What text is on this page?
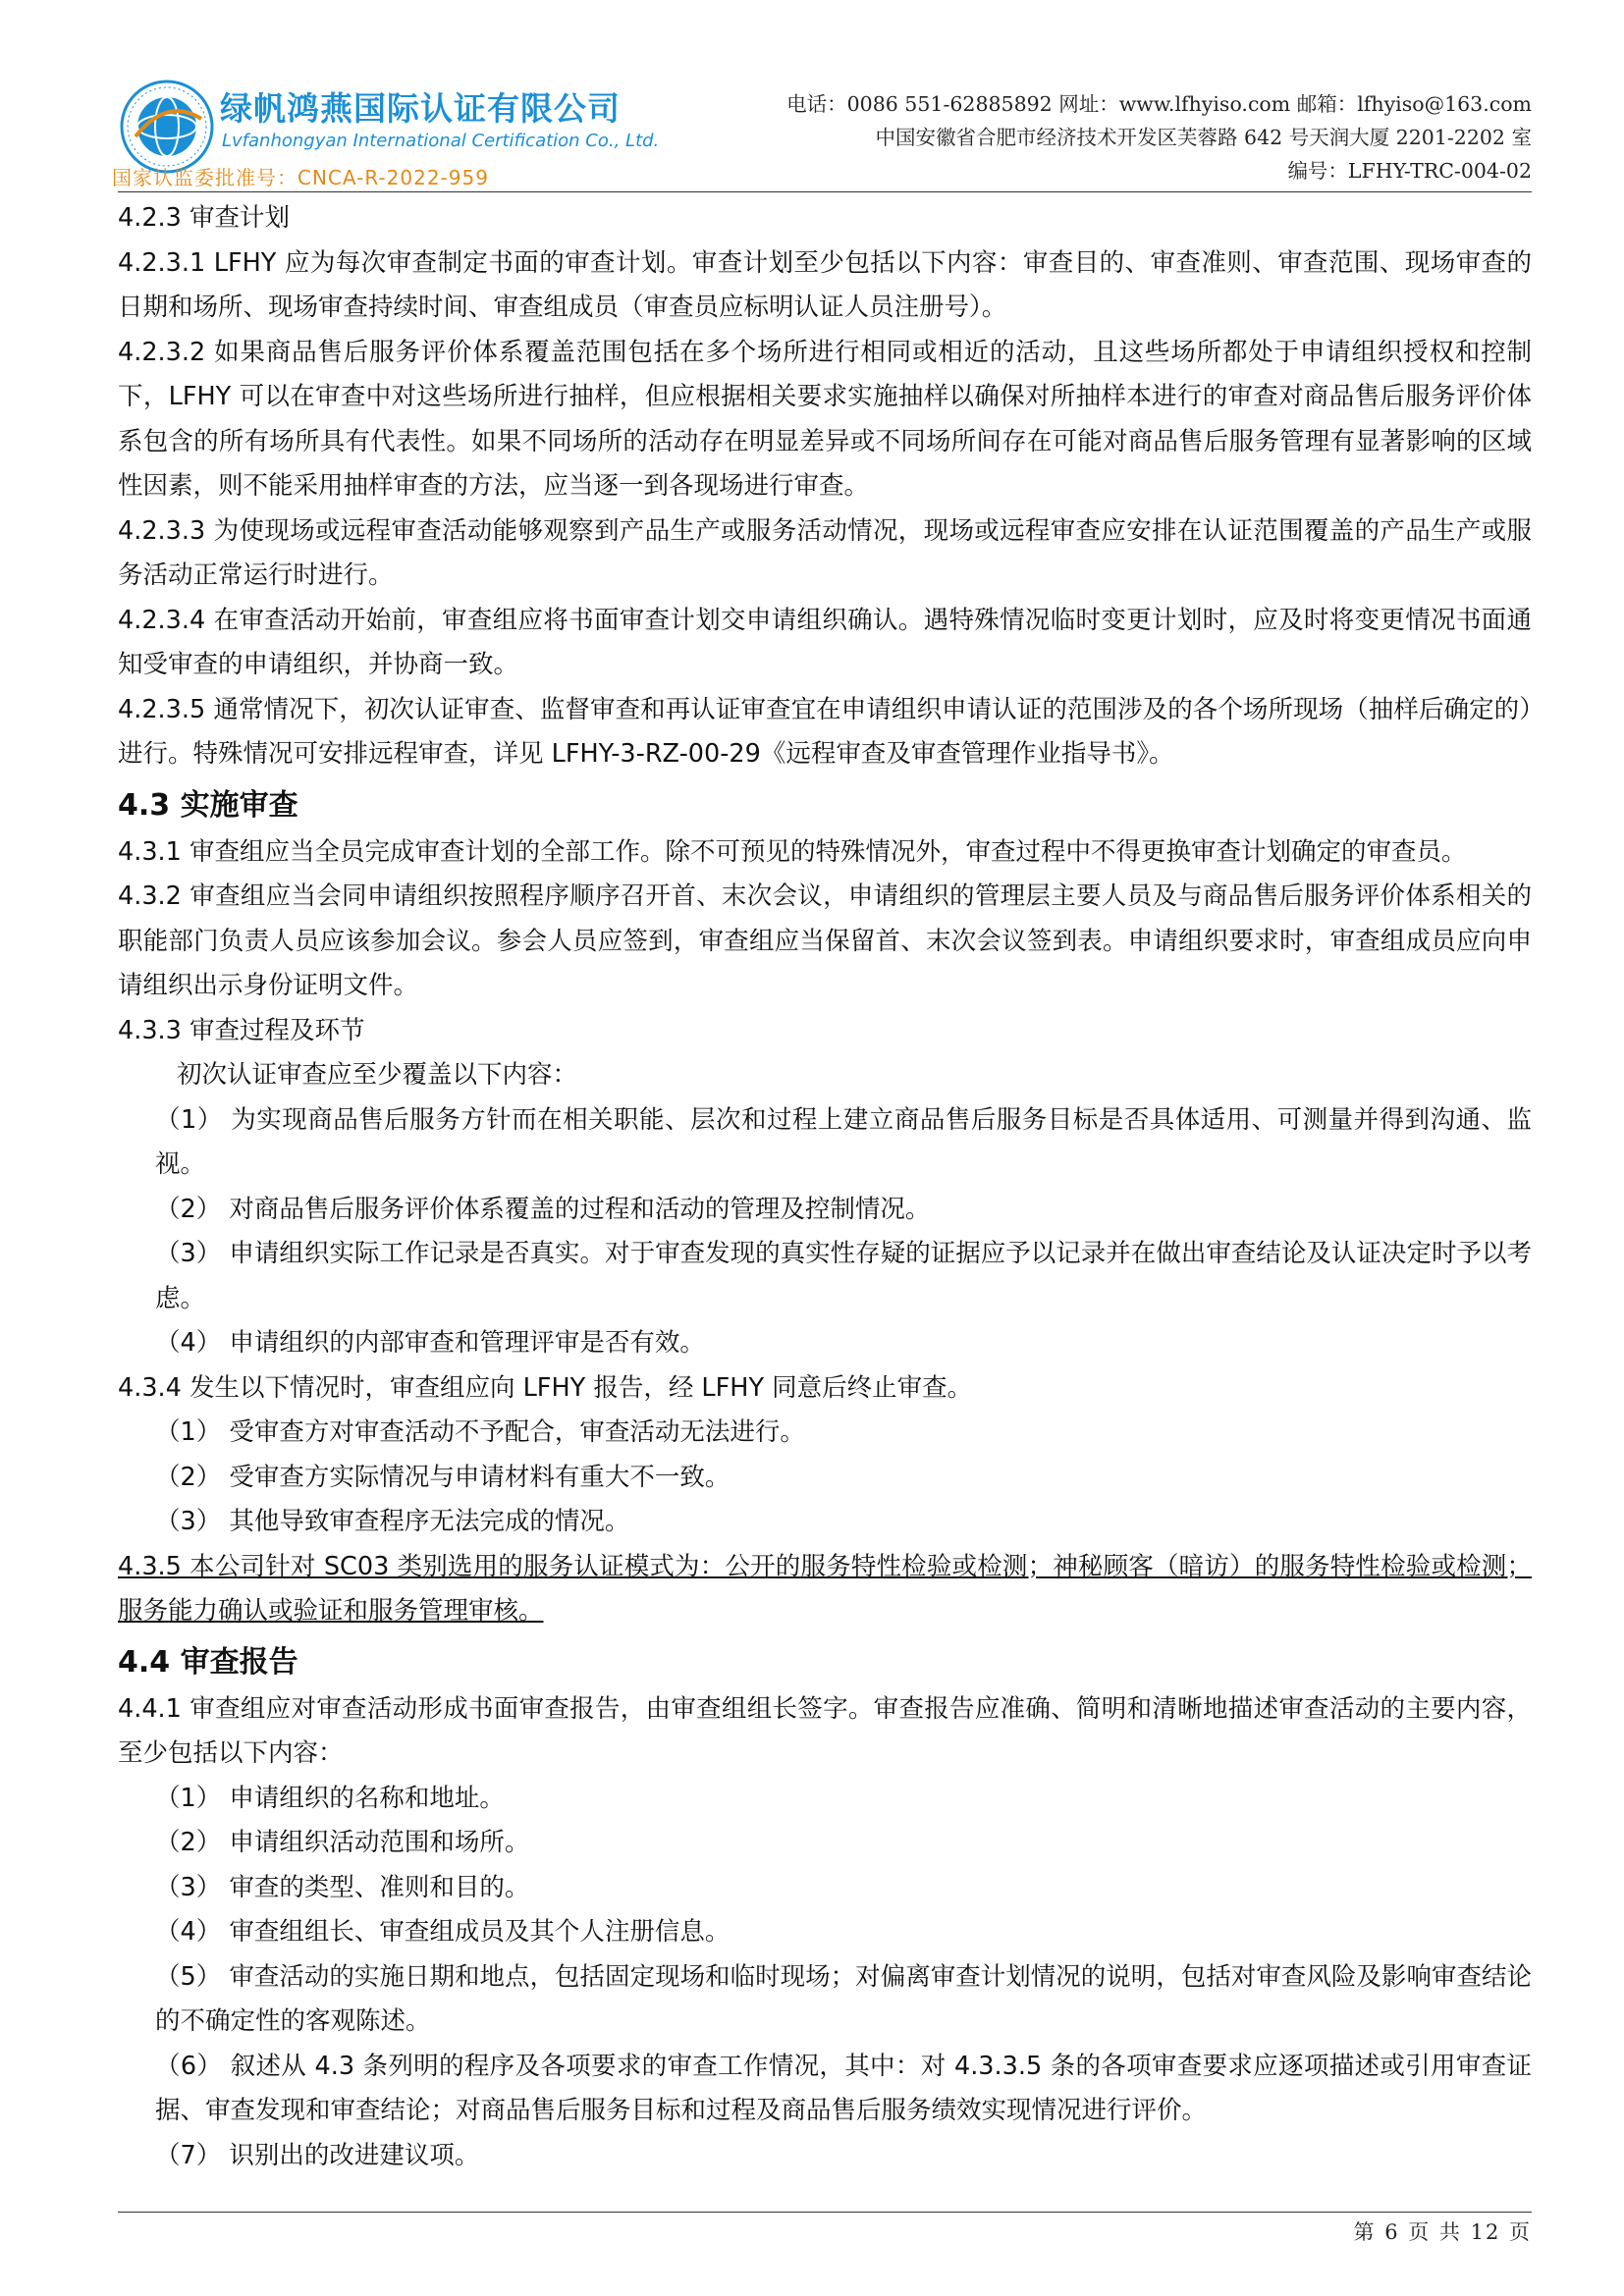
绿帆鸿燕国际认证有限公司
Lvfanhongyan International Certification Co., Ltd.
国家认监委批准号：CNCA-R-2022-959
电话：0086 551-62885892 网址：www.lfhyiso.com 邮箱：lfhyiso@163.com
中国安徽省合肥市经济技术开发区芙蓉路 642 号天润大厦 2201-2202 室
编号：LFHY-TRC-004-02

4.2.3 审查计划

4.2.3.1 LFHY 应为每次审查制定书面的审查计划。审查计划至少包括以下内容：审查目的、审查准则、审查范围、现场审查的日期和场所、现场审查持续时间、审查组成员（审查员应标明认证人员注册号）。

4.2.3.2 如果商品售后服务评价体系覆盖范围包括在多个场所进行相同或相近的活动，且这些场所都处于申请组织授权和控制下，LFHY 可以在审查中对这些场所进行抽样，但应根据相关要求实施抽样以确保对所抽样本进行的审查对商品售后服务评价体系包含的所有场所具有代表性。如果不同场所的活动存在明显差异或不同场所间存在可能对商品售后服务管理有显著影响的区域性因素，则不能采用抽样审查的方法，应当逐一到各现场进行审查。

4.2.3.3 为使现场或远程审查活动能够观察到产品生产或服务活动情况，现场或远程审查应安排在认证范围覆盖的产品生产或服务活动正常运行时进行。

4.2.3.4 在审查活动开始前，审查组应将书面审查计划交申请组织确认。遇特殊情况临时变更计划时，应及时将变更情况书面通知受审查的申请组织，并协商一致。

4.2.3.5 通常情况下，初次认证审查、监督审查和再认证审查宜在申请组织申请认证的范围涉及的各个场所现场（抽样后确定的）进行。特殊情况可安排远程审查，详见 LFHY-3-RZ-00-29《远程审查及审查管理作业指导书》。

4.3 实施审查

4.3.1 审查组应当全员完成审查计划的全部工作。除不可预见的特殊情况外，审查过程中不得更换审查计划确定的审查员。

4.3.2 审查组应当会同申请组织按照程序顺序召开首、末次会议，申请组织的管理层主要人员及与商品售后服务评价体系相关的职能部门负责人员应该参加会议。参会人员应签到，审查组应当保留首、末次会议签到表。申请组织要求时，审查组成员应向申请组织出示身份证明文件。

4.3.3 审查过程及环节

初次认证审查应至少覆盖以下内容：

（1） 为实现商品售后服务方针而在相关职能、层次和过程上建立商品售后服务目标是否具体适用、可测量并得到沟通、监视。

（2） 对商品售后服务评价体系覆盖的过程和活动的管理及控制情况。

（3） 申请组织实际工作记录是否真实。对于审查发现的真实性存疑的证据应予以记录并在做出审查结论及认证决定时予以考虑。

（4） 申请组织的内部审查和管理评审是否有效。

4.3.4 发生以下情况时，审查组应向 LFHY 报告，经 LFHY 同意后终止审查。

（1） 受审查方对审查活动不予配合，审查活动无法进行。

（2） 受审查方实际情况与申请材料有重大不一致。

（3） 其他导致审查程序无法完成的情况。

4.3.5 本公司针对 SC03 类别选用的服务认证模式为：公开的服务特性检验或检测；神秘顾客（暗访）的服务特性检验或检测；服务能力确认或验证和服务管理审核。

4.4 审查报告

4.4.1 审查组应对审查活动形成书面审查报告，由审查组组长签字。审查报告应准确、简明和清晰地描述审查活动的主要内容，至少包括以下内容：

（1） 申请组织的名称和地址。

（2） 申请组织活动范围和场所。

（3） 审查的类型、准则和目的。

（4） 审查组组长、审查组成员及其个人注册信息。

（5） 审查活动的实施日期和地点，包括固定现场和临时现场；对偏离审查计划情况的说明，包括对审查风险及影响审查结论的不确定性的客观陈述。

（6） 叙述从 4.3 条列明的程序及各项要求的审查工作情况，其中：对 4.3.3.5 条的各项审查要求应逐项描述或引用审查证据、审查发现和审查结论；对商品售后服务目标和过程及商品售后服务绩效实现情况进行评价。

（7） 识别出的改进建议项。

第 6 页 共 12 页
